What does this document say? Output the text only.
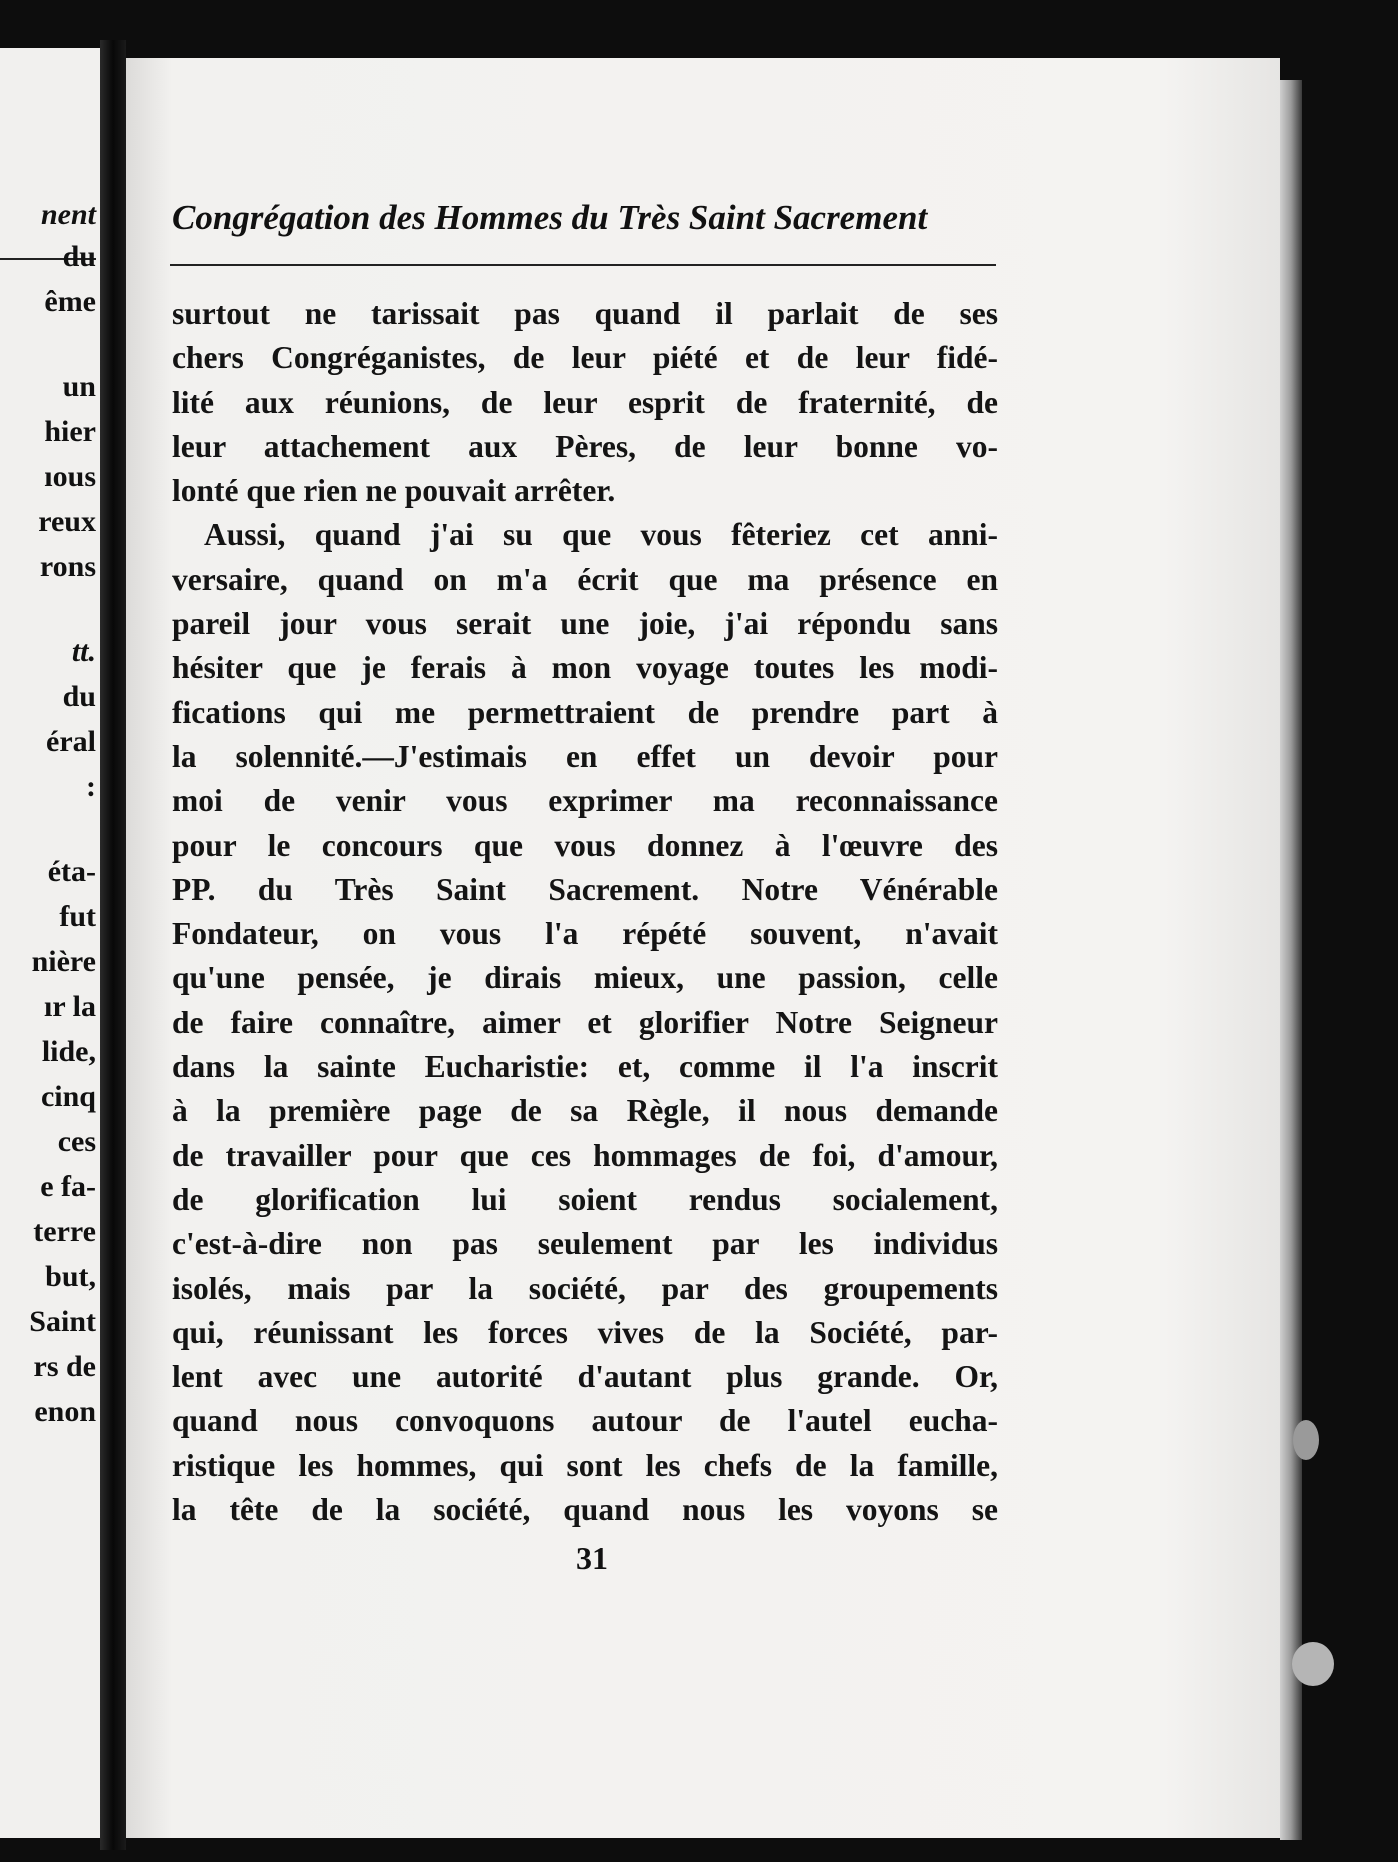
nent
du
ême
un
hier
ıous
reux
rons
tt.
du
éral
:
éta-
fut
nière
ır la
lide,
cinq
ces
e fa-
terre
but,
Saint
rs de
enon
Congrégation des Hommes du Très Saint Sacrement
surtout ne tarissait pas quand il parlait de ses
chers Congréganistes, de leur piété et de leur fidé-
lité aux réunions, de leur esprit de fraternité, de
leur attachement aux Pères, de leur bonne vo-
lonté que rien ne pouvait arrêter.
Aussi, quand j'ai su que vous fêteriez cet anni-
versaire, quand on m'a écrit que ma présence en
pareil jour vous serait une joie, j'ai répondu sans
hésiter que je ferais à mon voyage toutes les modi-
fications qui me permettraient de prendre part à
la solennité.—J'estimais en effet un devoir pour
moi de venir vous exprimer ma reconnaissance
pour le concours que vous donnez à l'œuvre des
PP. du Très Saint Sacrement. Notre Vénérable
Fondateur, on vous l'a répété souvent, n'avait
qu'une pensée, je dirais mieux, une passion, celle
de faire connaître, aimer et glorifier Notre Seigneur
dans la sainte Eucharistie: et, comme il l'a inscrit
à la première page de sa Règle, il nous demande
de travailler pour que ces hommages de foi, d'amour,
de glorification lui soient rendus socialement,
c'est-à-dire non pas seulement par les individus
isolés, mais par la société, par des groupements
qui, réunissant les forces vives de la Société, par-
lent avec une autorité d'autant plus grande. Or,
quand nous convoquons autour de l'autel eucha-
ristique les hommes, qui sont les chefs de la famille,
la tête de la société, quand nous les voyons se
31
